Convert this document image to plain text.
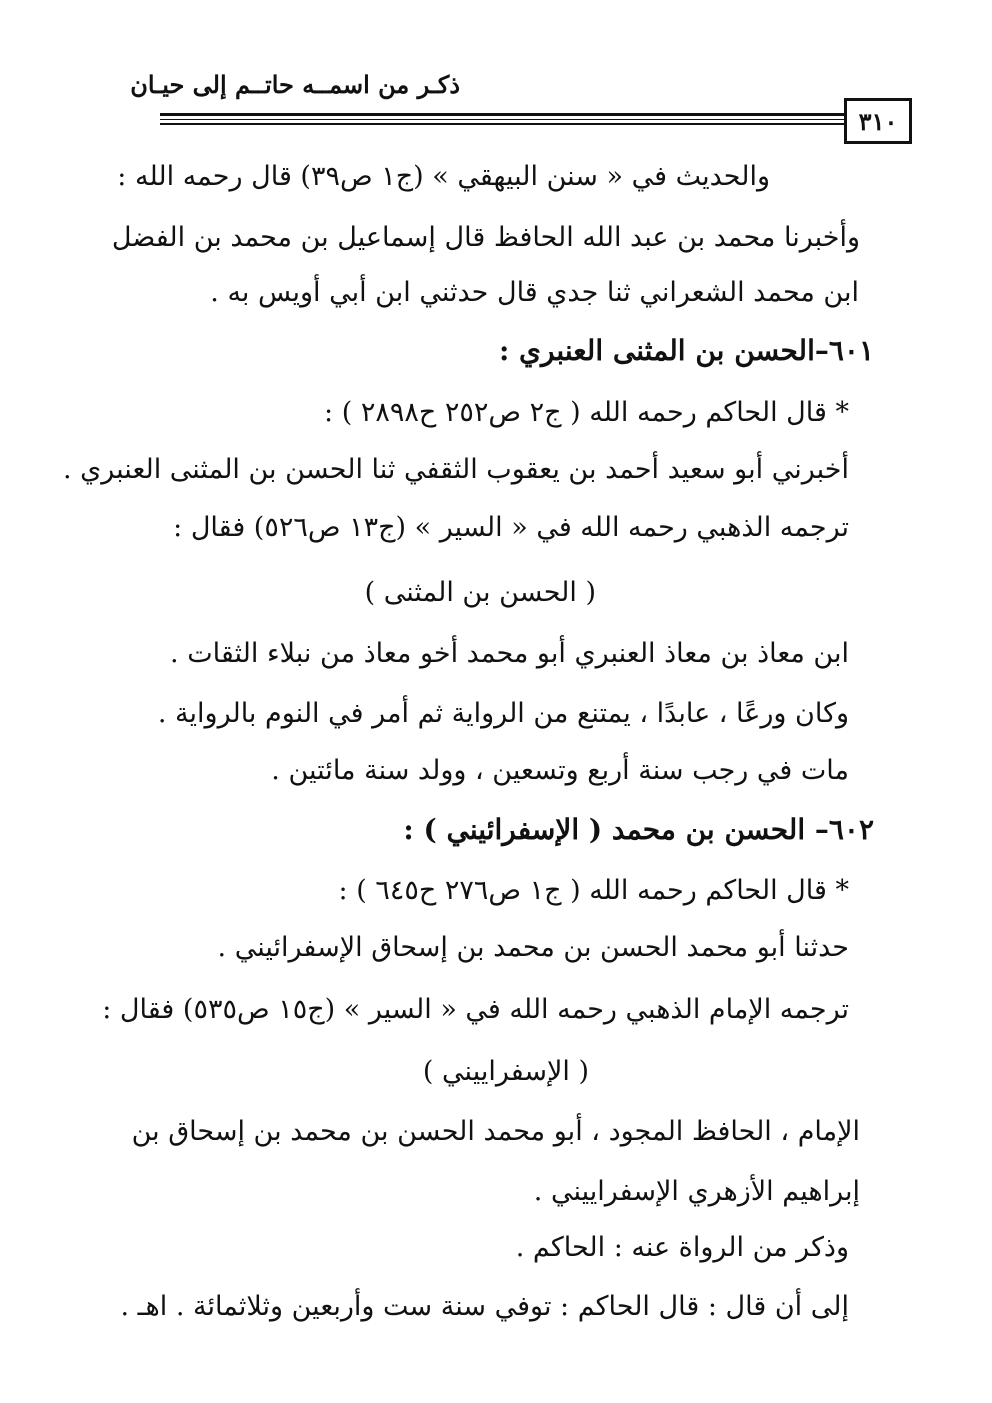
ذكـر من اسمــه حاتــم إلى حيـان
٣١٠
والحديث في « سنن البيهقي » (ج١ ص٣٩) قال رحمه الله :
وأخبرنا محمد بن عبد الله الحافظ قال إسماعيل بن محمد بن الفضل
ابن محمد الشعراني ثنا جدي قال حدثني ابن أبي أويس به .
٦٠١–الحسن بن المثنى العنبري :
* قال الحاكم رحمه الله ( ج٢ ص٢٥٢ ح٢٨٩٨ ) :
أخبرني أبو سعيد أحمد بن يعقوب الثقفي ثنا الحسن بن المثنى العنبري .
ترجمه الذهبي رحمه الله في « السير » (ج١٣ ص٥٢٦) فقال :
( الحسن بن المثنى )
ابن معاذ بن معاذ العنبري أبو محمد أخو معاذ من نبلاء الثقات .
وكان ورعًا ، عابدًا ، يمتنع من الرواية ثم أمر في النوم بالرواية .
مات في رجب سنة أربع وتسعين ، وولد سنة مائتين .
٦٠٢– الحسن بن محمد ( الإسفرائيني ) :
* قال الحاكم رحمه الله ( ج١ ص٢٧٦ ح٦٤٥ ) :
حدثنا أبو محمد الحسن بن محمد بن إسحاق الإسفرائيني .
ترجمه الإمام الذهبي رحمه الله في « السير » (ج١٥ ص٥٣٥) فقال :
( الإسفراييني )
الإمام ، الحافظ المجود ، أبو محمد الحسن بن محمد بن إسحاق بن
إبراهيم الأزهري الإسفراييني .
وذكر من الرواة عنه : الحاكم .
إلى أن قال : قال الحاكم : توفي سنة ست وأربعين وثلاثمائة . اهـ .
